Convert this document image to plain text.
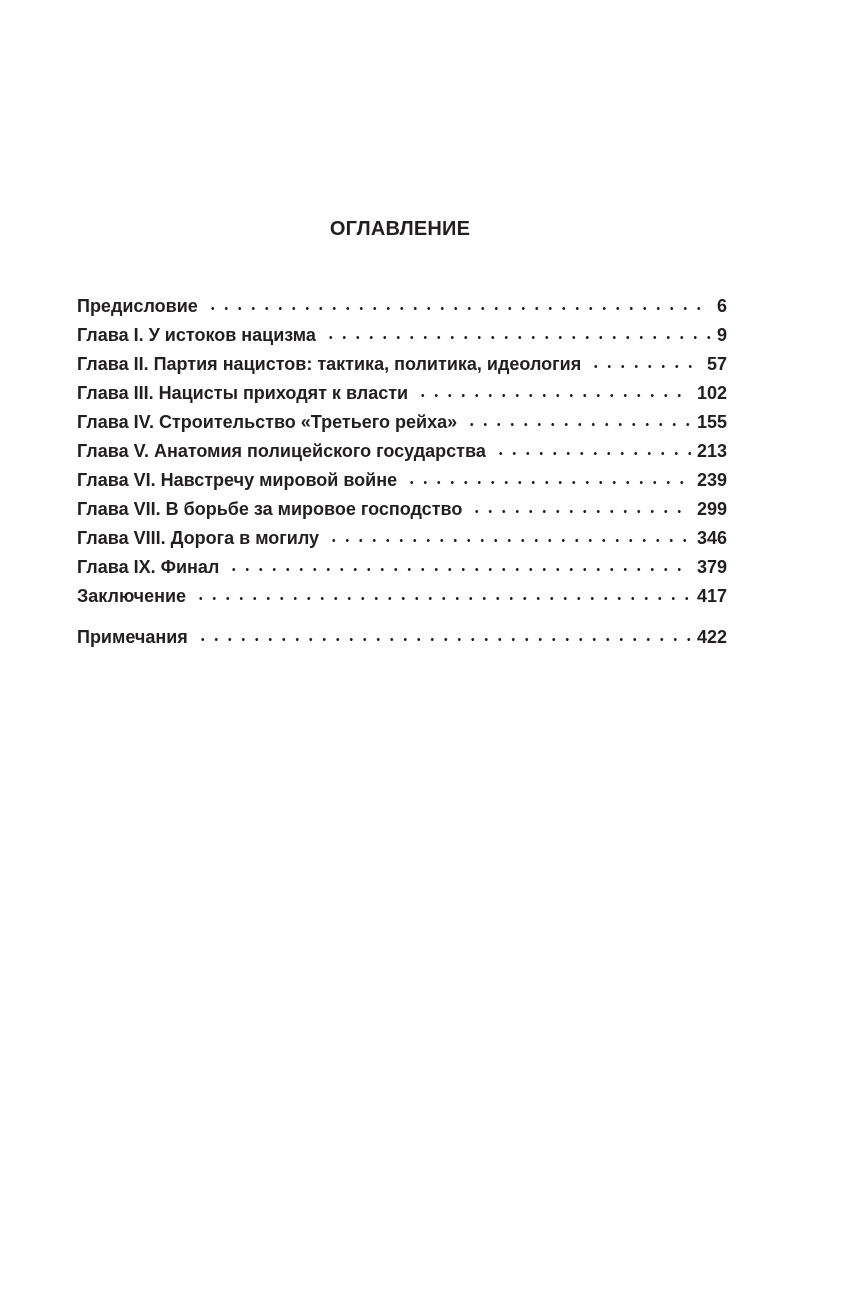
ОГЛАВЛЕНИЕ
Предисловие	6
Глава I. У истоков нацизма	9
Глава II. Партия нацистов: тактика, политика, идеология	57
Глава III. Нацисты приходят к власти	102
Глава IV. Строительство «Третьего рейха»	155
Глава V. Анатомия полицейского государства	213
Глава VI. Навстречу мировой войне	239
Глава VII. В борьбе за мировое господство	299
Глава VIII. Дорога в могилу	346
Глава IX. Финал	379
Заключение	417
Примечания	422
